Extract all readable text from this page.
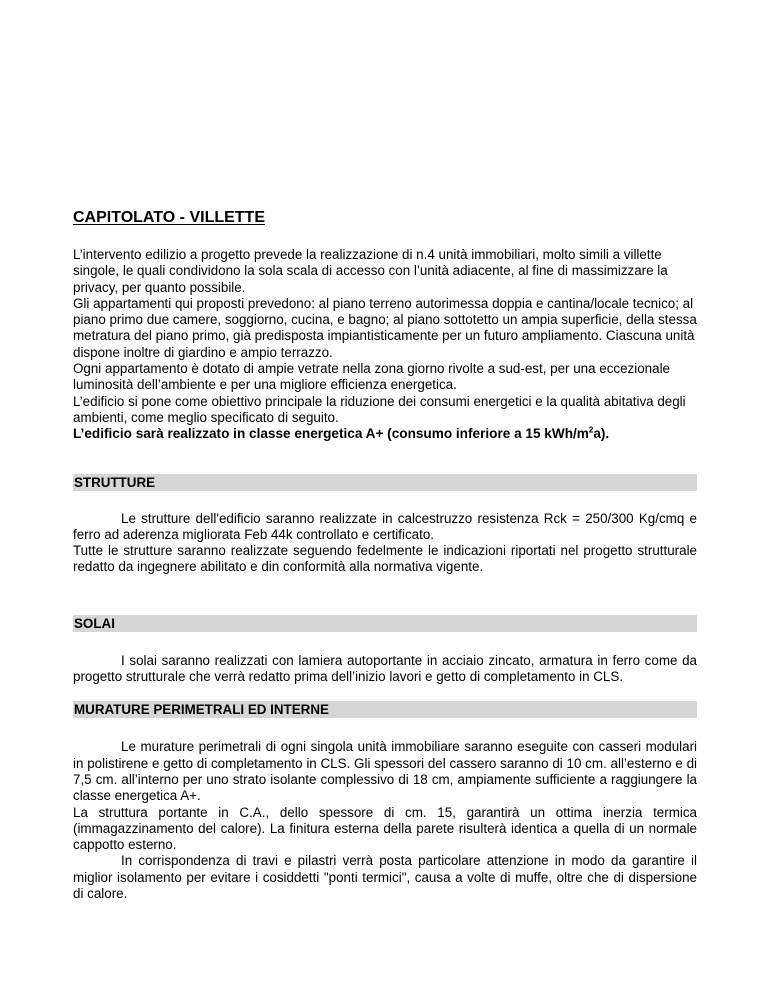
CAPITOLATO - VILLETTE

L’intervento edilizio a progetto prevede la realizzazione di n.4 unità immobiliari, molto simili a villette singole, le quali condividono la sola scala di accesso con l’unità adiacente, al fine di massimizzare la privacy, per quanto possibile.

Gli appartamenti qui proposti prevedono: al piano terreno autorimessa doppia e cantina/locale tecnico; al piano primo due camere, soggiorno, cucina, e bagno; al piano sottotetto un ampia superficie, della stessa metratura del piano primo, già predisposta impiantisticamente per un futuro ampliamento. Ciascuna unità dispone inoltre di giardino e ampio terrazzo.

Ogni appartamento è dotato di ampie vetrate nella zona giorno rivolte a sud-est, per una eccezionale luminosità dell’ambiente e per una migliore efficienza energetica.

L’edificio si pone come obiettivo principale la riduzione dei consumi energetici e la qualità abitativa degli ambienti, come meglio specificato di seguito.

L’edificio sarà realizzato in classe energetica A+ (consumo inferiore a 15 kWh/$m^2a$).

STRUTTURE

Le strutture dell'edificio saranno realizzate in calcestruzzo resistenza Rck = 250/300 Kg/cmq e ferro ad aderenza migliorata Feb 44k controllato e certificato.

Tutte le strutture saranno realizzate seguendo fedelmente le indicazioni riportati nel progetto strutturale redatto da ingegnere abilitato e din conformità alla normativa vigente.

SOLAI

I solai saranno realizzati con lamiera autoportante in acciaio zincato, armatura in ferro come da progetto strutturale che verrà redatto prima dell’inizio lavori e getto di completamento in CLS.

MURATURE PERIMETRALI ED INTERNE

Le murature perimetrali di ogni singola unità immobiliare saranno eseguite con casseri modulari in polistirene e getto di completamento in CLS. Gli spessori del cassero saranno di 10 cm. all’esterno e di 7,5 cm. all’interno per uno strato isolante complessivo di 18 cm, ampiamente sufficiente a raggiungere la classe energetica A+.

La struttura portante in C.A., dello spessore di cm. 15, garantirà un ottima inerzia termica (immagazzinamento del calore). La finitura esterna della parete risulterà identica a quella di un normale cappotto esterno.

In corrispondenza di travi e pilastri verrà posta particolare attenzione in modo da garantire il miglior isolamento per evitare i cosiddetti "ponti termici", causa a volte di muffe, oltre che di dispersione di calore.
